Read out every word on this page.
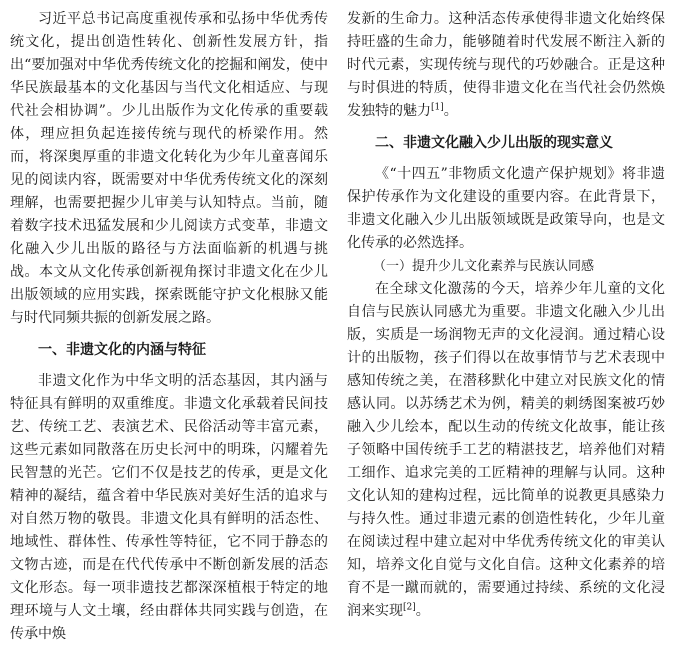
习近平总书记高度重视传承和弘扬中华优秀传统文化，提出创造性转化、创新性发展方针，指出“要加强对中华优秀传统文化的挖掘和阐发，使中华民族最基本的文化基因与当代文化相适应、与现代社会相协调”。少儿出版作为文化传承的重要载体，理应担负起连接传统与现代的桥梁作用。然而，将深奥厚重的非遗文化转化为少年儿童喜闻乐见的阅读内容，既需要对中华优秀传统文化的深刻理解，也需要把握少儿审美与认知特点。当前，随着数字技术迅猛发展和少儿阅读方式变革，非遗文化融入少儿出版的路径与方法面临新的机遇与挑战。本文从文化传承创新视角探讨非遗文化在少儿出版领域的应用实践，探索既能守护文化根脉又能与时代同频共振的创新发展之路。

一、非遗文化的内涵与特征

非遗文化作为中华文明的活态基因，其内涵与特征具有鲜明的双重维度。非遗文化承载着民间技艺、传统工艺、表演艺术、民俗活动等丰富元素，这些元素如同散落在历史长河中的明珠，闪耀着先民智慧的光芒。它们不仅是技艺的传承，更是文化精神的凝结，蕴含着中华民族对美好生活的追求与对自然万物的敬畏。非遗文化具有鲜明的活态性、地域性、群体性、传承性等特征，它不同于静态的文物古迹，而是在代代传承中不断创新发展的活态文化形态。每一项非遗技艺都深深植根于特定的地理环境与人文土壤，经由群体共同实践与创造，在传承中焕

发新的生命力。这种活态传承使得非遗文化始终保持旺盛的生命力，能够随着时代发展不断注入新的时代元素，实现传统与现代的巧妙融合。正是这种与时俱进的特质，使得非遗文化在当代社会仍然焕发独特的魅力[1]。

二、非遗文化融入少儿出版的现实意义

《“十四五”非物质文化遗产保护规划》将非遗保护传承作为文化建设的重要内容。在此背景下，非遗文化融入少儿出版领域既是政策导向，也是文化传承的必然选择。

（一）提升少儿文化素养与民族认同感

在全球文化激荡的今天，培养少年儿童的文化自信与民族认同感尤为重要。非遗文化融入少儿出版，实质是一场润物无声的文化浸润。通过精心设计的出版物，孩子们得以在故事情节与艺术表现中感知传统之美，在潜移默化中建立对民族文化的情感认同。以苏绣艺术为例，精美的刺绣图案被巧妙融入少儿绘本，配以生动的传统文化故事，能让孩子领略中国传统手工艺的精湛技艺，培养他们对精工细作、追求完美的工匠精神的理解与认同。这种文化认知的建构过程，远比简单的说教更具感染力与持久性。通过非遗元素的创造性转化，少年儿童在阅读过程中建立起对中华优秀传统文化的审美认知，培养文化自觉与文化自信。这种文化素养的培育不是一蹴而就的，需要通过持续、系统的文化浸润来实现[2]。
